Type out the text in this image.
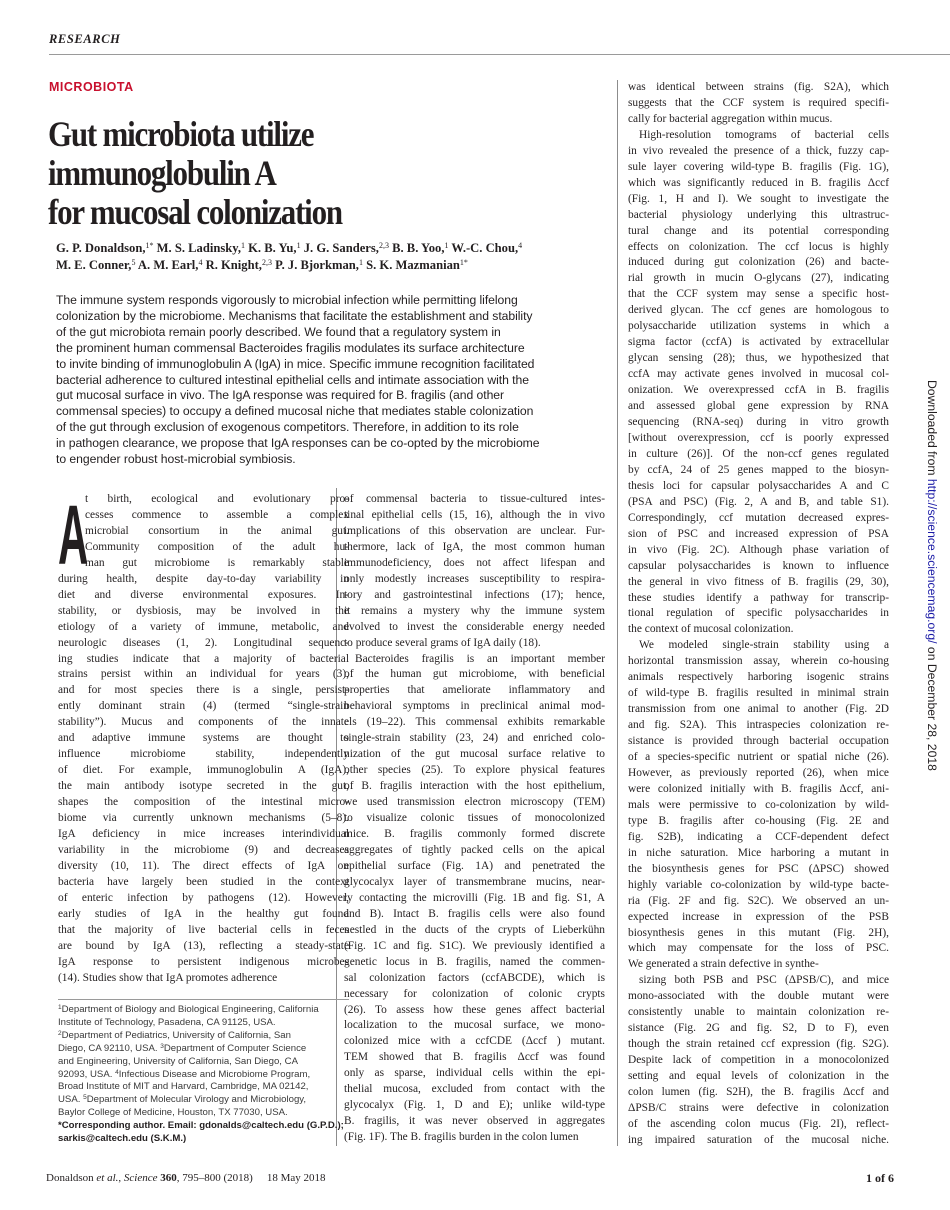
RESEARCH
MICROBIOTA
Gut microbiota utilize
immunoglobulin A
for mucosal colonization
G. P. Donaldson,$^{1*}$ M. S. Ladinsky,$^1$ K. B. Yu,$^1$ J. G. Sanders,$^{2,3}$ B. B. Yoo,$^1$ W.-C. Chou,$^4$
M. E. Conner,$^5$ A. M. Earl,$^4$ R. Knight,$^{2,3}$ P. J. Bjorkman,$^1$ S. K. Mazmanian$^{1*}$
The immune system responds vigorously to microbial infection while permitting lifelong
colonization by the microbiome. Mechanisms that facilitate the establishment and stability
of the gut microbiota remain poorly described. We found that a regulatory system in
the prominent human commensal Bacteroides fragilis modulates its surface architecture
to invite binding of immunoglobulin A (IgA) in mice. Specific immune recognition facilitated
bacterial adherence to cultured intestinal epithelial cells and intimate association with the
gut mucosal surface in vivo. The IgA response was required for B. fragilis (and other
commensal species) to occupy a defined mucosal niche that mediates stable colonization
of the gut through exclusion of exogenous competitors. Therefore, in addition to its role
in pathogen clearance, we propose that IgA responses can be co-opted by the microbiome
to engender robust host-microbial symbiosis.
A
t birth, ecological and evolutionary pro-
cesses commence to assemble a complex
microbial consortium in the animal gut.
Community composition of the adult hu-
man gut microbiome is remarkably stable
during health, despite day-to-day variability in
diet and diverse environmental exposures. In-
stability, or dysbiosis, may be involved in the
etiology of a variety of immune, metabolic, and
neurologic diseases (1, 2). Longitudinal sequenc-
ing studies indicate that a majority of bacterial
strains persist within an individual for years (3),
and for most species there is a single, persist-
ently dominant strain (4) (termed “single-strain
stability”). Mucus and components of the innate
and adaptive immune systems are thought to
influence microbiome stability, independently
of diet. For example, immunoglobulin A (IgA),
the main antibody isotype secreted in the gut,
shapes the composition of the intestinal micro-
biome via currently unknown mechanisms (5–8).
IgA deficiency in mice increases interindividual
variability in the microbiome (9) and decreases
diversity (10, 11). The direct effects of IgA on
bacteria have largely been studied in the context
of enteric infection by pathogens (12). However,
early studies of IgA in the healthy gut found
that the majority of live bacterial cells in feces
are bound by IgA (13), reflecting a steady-state
IgA response to persistent indigenous microbes
(14). Studies show that IgA promotes adherence
of commensal bacteria to tissue-cultured intes-
tinal epithelial cells (15, 16), although the in vivo
implications of this observation are unclear. Fur-
thermore, lack of IgA, the most common human
immunodeficiency, does not affect lifespan and
only modestly increases susceptibility to respira-
tory and gastrointestinal infections (17); hence,
it remains a mystery why the immune system
evolved to invest the considerable energy needed
to produce several grams of IgA daily (18).
Bacteroides fragilis is an important member
of the human gut microbiome, with beneficial
properties that ameliorate inflammatory and
behavioral symptoms in preclinical animal mod-
els (19–22). This commensal exhibits remarkable
single-strain stability (23, 24) and enriched colo-
nization of the gut mucosal surface relative to
other species (25). To explore physical features
of B. fragilis interaction with the host epithelium,
we used transmission electron microscopy (TEM)
to visualize colonic tissues of monocolonized
mice. B. fragilis commonly formed discrete
aggregates of tightly packed cells on the apical
epithelial surface (Fig. 1A) and penetrated the
glycocalyx layer of transmembrane mucins, near-
ly contacting the microvilli (Fig. 1B and fig. S1, A
and B). Intact B. fragilis cells were also found
nestled in the ducts of the crypts of Lieberkühn
(Fig. 1C and fig. S1C). We previously identified a
genetic locus in B. fragilis, named the commen-
sal colonization factors (ccfABCDE), which is
necessary for colonization of colonic crypts
(26). To assess how these genes affect bacterial
localization to the mucosal surface, we mono-
colonized mice with a ccfCDE (Δccf ) mutant.
TEM showed that B. fragilis Δccf was found
only as sparse, individual cells within the epi-
thelial mucosa, excluded from contact with the
glycocalyx (Fig. 1, D and E); unlike wild-type
B. fragilis, it was never observed in aggregates
(Fig. 1F). The B. fragilis burden in the colon lumen
was identical between strains (fig. S2A), which
suggests that the CCF system is required specifi-
cally for bacterial aggregation within mucus.
High-resolution tomograms of bacterial cells
in vivo revealed the presence of a thick, fuzzy cap-
sule layer covering wild-type B. fragilis (Fig. 1G),
which was significantly reduced in B. fragilis Δccf
(Fig. 1, H and I). We sought to investigate the
bacterial physiology underlying this ultrastruc-
tural change and its potential corresponding
effects on colonization. The ccf locus is highly
induced during gut colonization (26) and bacte-
rial growth in mucin O-glycans (27), indicating
that the CCF system may sense a specific host-
derived glycan. The ccf genes are homologous to
polysaccharide utilization systems in which a
sigma factor (ccfA) is activated by extracellular
glycan sensing (28); thus, we hypothesized that
ccfA may activate genes involved in mucosal col-
onization. We overexpressed ccfA in B. fragilis
and assessed global gene expression by RNA
sequencing (RNA-seq) during in vitro growth
[without overexpression, ccf is poorly expressed
in culture (26)]. Of the non-ccf genes regulated
by ccfA, 24 of 25 genes mapped to the biosyn-
thesis loci for capsular polysaccharides A and C
(PSA and PSC) (Fig. 2, A and B, and table S1).
Correspondingly, ccf mutation decreased expres-
sion of PSC and increased expression of PSA
in vivo (Fig. 2C). Although phase variation of
capsular polysaccharides is known to influence
the general in vivo fitness of B. fragilis (29, 30),
these studies identify a pathway for transcrip-
tional regulation of specific polysaccharides in
the context of mucosal colonization.
We modeled single-strain stability using a
horizontal transmission assay, wherein co-housing
animals respectively harboring isogenic strains
of wild-type B. fragilis resulted in minimal strain
transmission from one animal to another (Fig. 2D
and fig. S2A). This intraspecies colonization re-
sistance is provided through bacterial occupation
of a species-specific nutrient or spatial niche (26).
However, as previously reported (26), when mice
were colonized initially with B. fragilis Δccf, ani-
mals were permissive to co-colonization by wild-
type B. fragilis after co-housing (Fig. 2E and
fig. S2B), indicating a CCF-dependent defect
in niche saturation. Mice harboring a mutant in
the biosynthesis genes for PSC (ΔPSC) showed
highly variable co-colonization by wild-type bacte-
ria (Fig. 2F and fig. S2C). We observed an un-
expected increase in expression of the PSB
biosynthesis genes in this mutant (Fig. 2H),
which may compensate for the loss of PSC.
We generated a strain defective in synthe-
sizing both PSB and PSC (ΔPSB/C), and mice
mono-associated with the double mutant were
consistently unable to maintain colonization re-
sistance (Fig. 2G and fig. S2, D to F), even
though the strain retained ccf expression (fig. S2G).
Despite lack of competition in a monocolonized
setting and equal levels of colonization in the
colon lumen (fig. S2H), the B. fragilis Δccf and
ΔPSB/C strains were defective in colonization
of the ascending colon mucus (Fig. 2I), reflect-
ing impaired saturation of the mucosal niche.
$^1$Department of Biology and Biological Engineering, California
Institute of Technology, Pasadena, CA 91125, USA.
$^2$Department of Pediatrics, University of California, San
Diego, CA 92110, USA. $^3$Department of Computer Science
and Engineering, University of California, San Diego, CA
92093, USA. $^4$Infectious Disease and Microbiome Program,
Broad Institute of MIT and Harvard, Cambridge, MA 02142,
USA. $^5$Department of Molecular Virology and Microbiology,
Baylor College of Medicine, Houston, TX 77030, USA.
*Corresponding author. Email: gdonalds@caltech.edu (G.P.D.);
sarkis@caltech.edu (S.K.M.)
Donaldson et al., Science 360, 795–800 (2018) 18 May 2018	1 of 6
Downloaded from http://science.sciencemag.org/ on December 28, 2018
